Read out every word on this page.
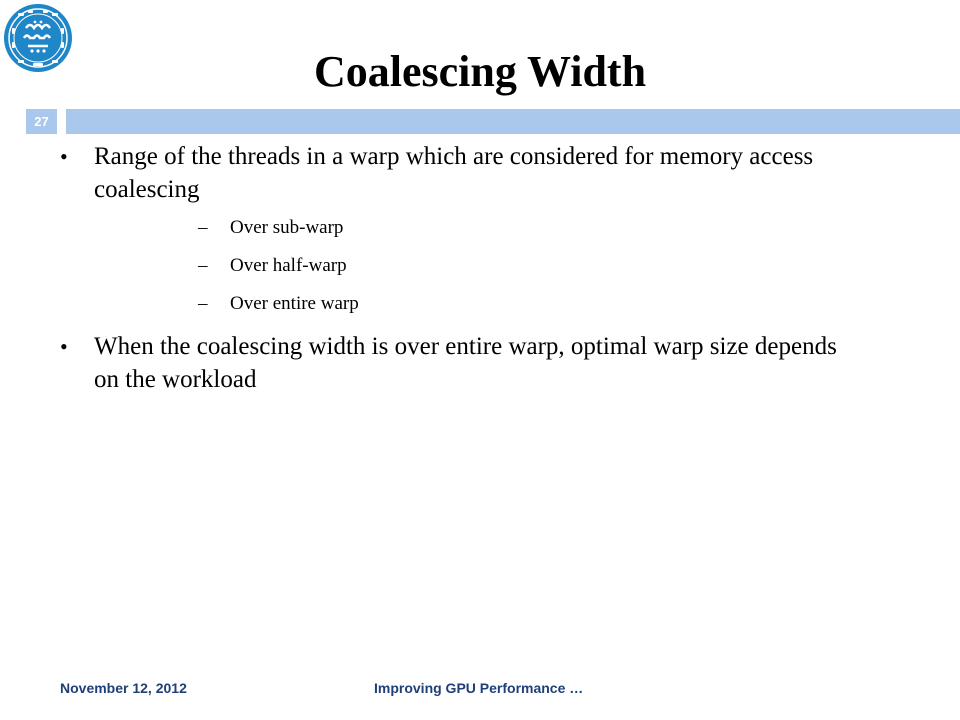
Coalescing Width
27
• Range of the threads in a warp which are considered for memory access coalescing
– Over sub-warp
– Over half-warp
– Over entire warp
• When the coalescing width is over entire warp, optimal warp size depends on the workload
November 12, 2012	Improving GPU Performance …
